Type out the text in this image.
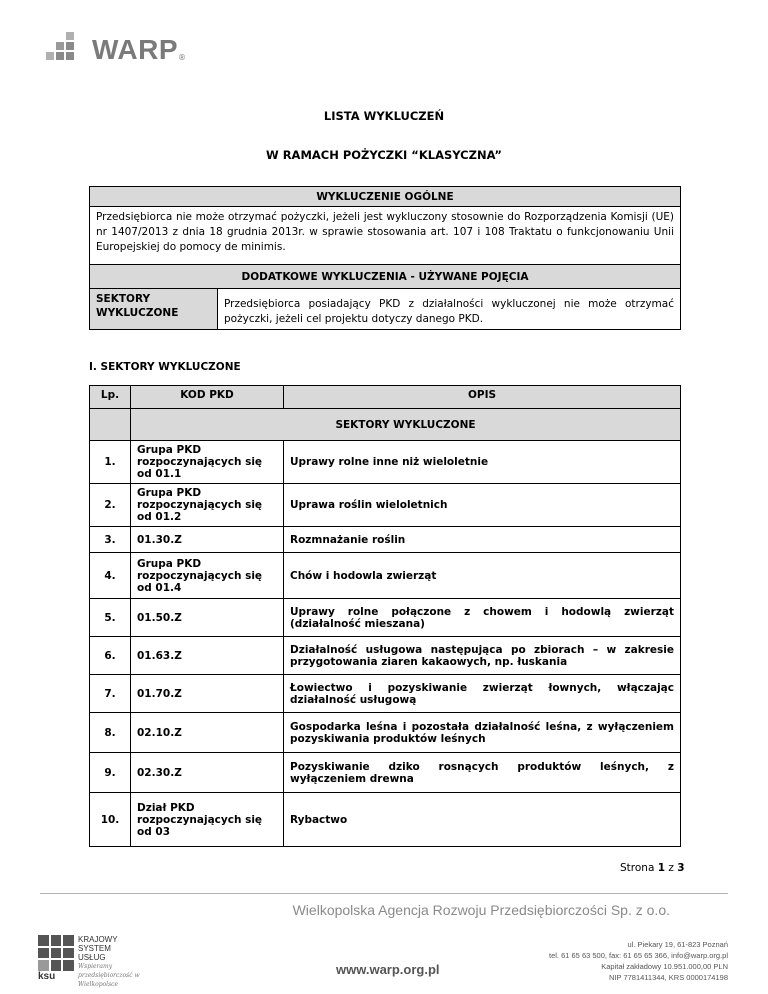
WARP ®
LISTA WYKLUCZEŃ
W RAMACH POŻYCZKI “KLASYCZNA”
WYKLUCZENIE OGÓLNE
Przedsiębiorca nie może otrzymać pożyczki, jeżeli jest wykluczony stosownie do Rozporządzenia Komisji (UE) nr 1407/2013 z dnia 18 grudnia 2013r. w sprawie stosowania art. 107 i 108 Traktatu o funkcjonowaniu Unii Europejskiej do pomocy de minimis.
DODATKOWE WYKLUCZENIA - UŻYWANE POJĘCIA
SEKTORY WYKLUCZONE
Przedsiębiorca posiadający PKD z działalności wykluczonej nie może otrzymać pożyczki, jeżeli cel projektu dotyczy danego PKD.
I. SEKTORY WYKLUCZONE
Lp.	KOD PKD	OPIS
	SEKTORY WYKLUCZONE	
1.	Grupa PKD rozpoczynających się od 01.1	Uprawy rolne inne niż wieloletnie
2.	Grupa PKD rozpoczynających się od 01.2	Uprawa roślin wieloletnich
3.	01.30.Z	Rozmnażanie roślin
4.	Grupa PKD rozpoczynających się od 01.4	Chów i hodowla zwierząt
5.	01.50.Z	Uprawy rolne połączone z chowem i hodowlą zwierząt (działalność mieszana)
6.	01.63.Z	Działalność usługowa następująca po zbiorach – w zakresie przygotowania ziaren kakaowych, np. łuskania
7.	01.70.Z	Łowiectwo i pozyskiwanie zwierząt łownych, włączając działalność usługową
8.	02.10.Z	Gospodarka leśna i pozostała działalność leśna, z wyłączeniem pozyskiwania produktów leśnych
9.	02.30.Z	Pozyskiwanie dziko rosnących produktów leśnych, z wyłączeniem drewna
10.	Dział PKD rozpoczynających się od 03	Rybactwo
Strona 1 z 3
Wielkopolska Agencja Rozwoju Przedsiębiorczości Sp. z o.o.
ksu
KRAJOWY
SYSTEM
USŁUG
Wspieramy przedsiębiorczość w Wielkopolsce
www.warp.org.pl
ul. Piekary 19, 61-823 Poznań
tel. 61 65 63 500, fax: 61 65 65 366, info@warp.org.pl
Kapitał zakładowy 10.951.000,00 PLN
NIP 7781411344, KRS 0000174198
